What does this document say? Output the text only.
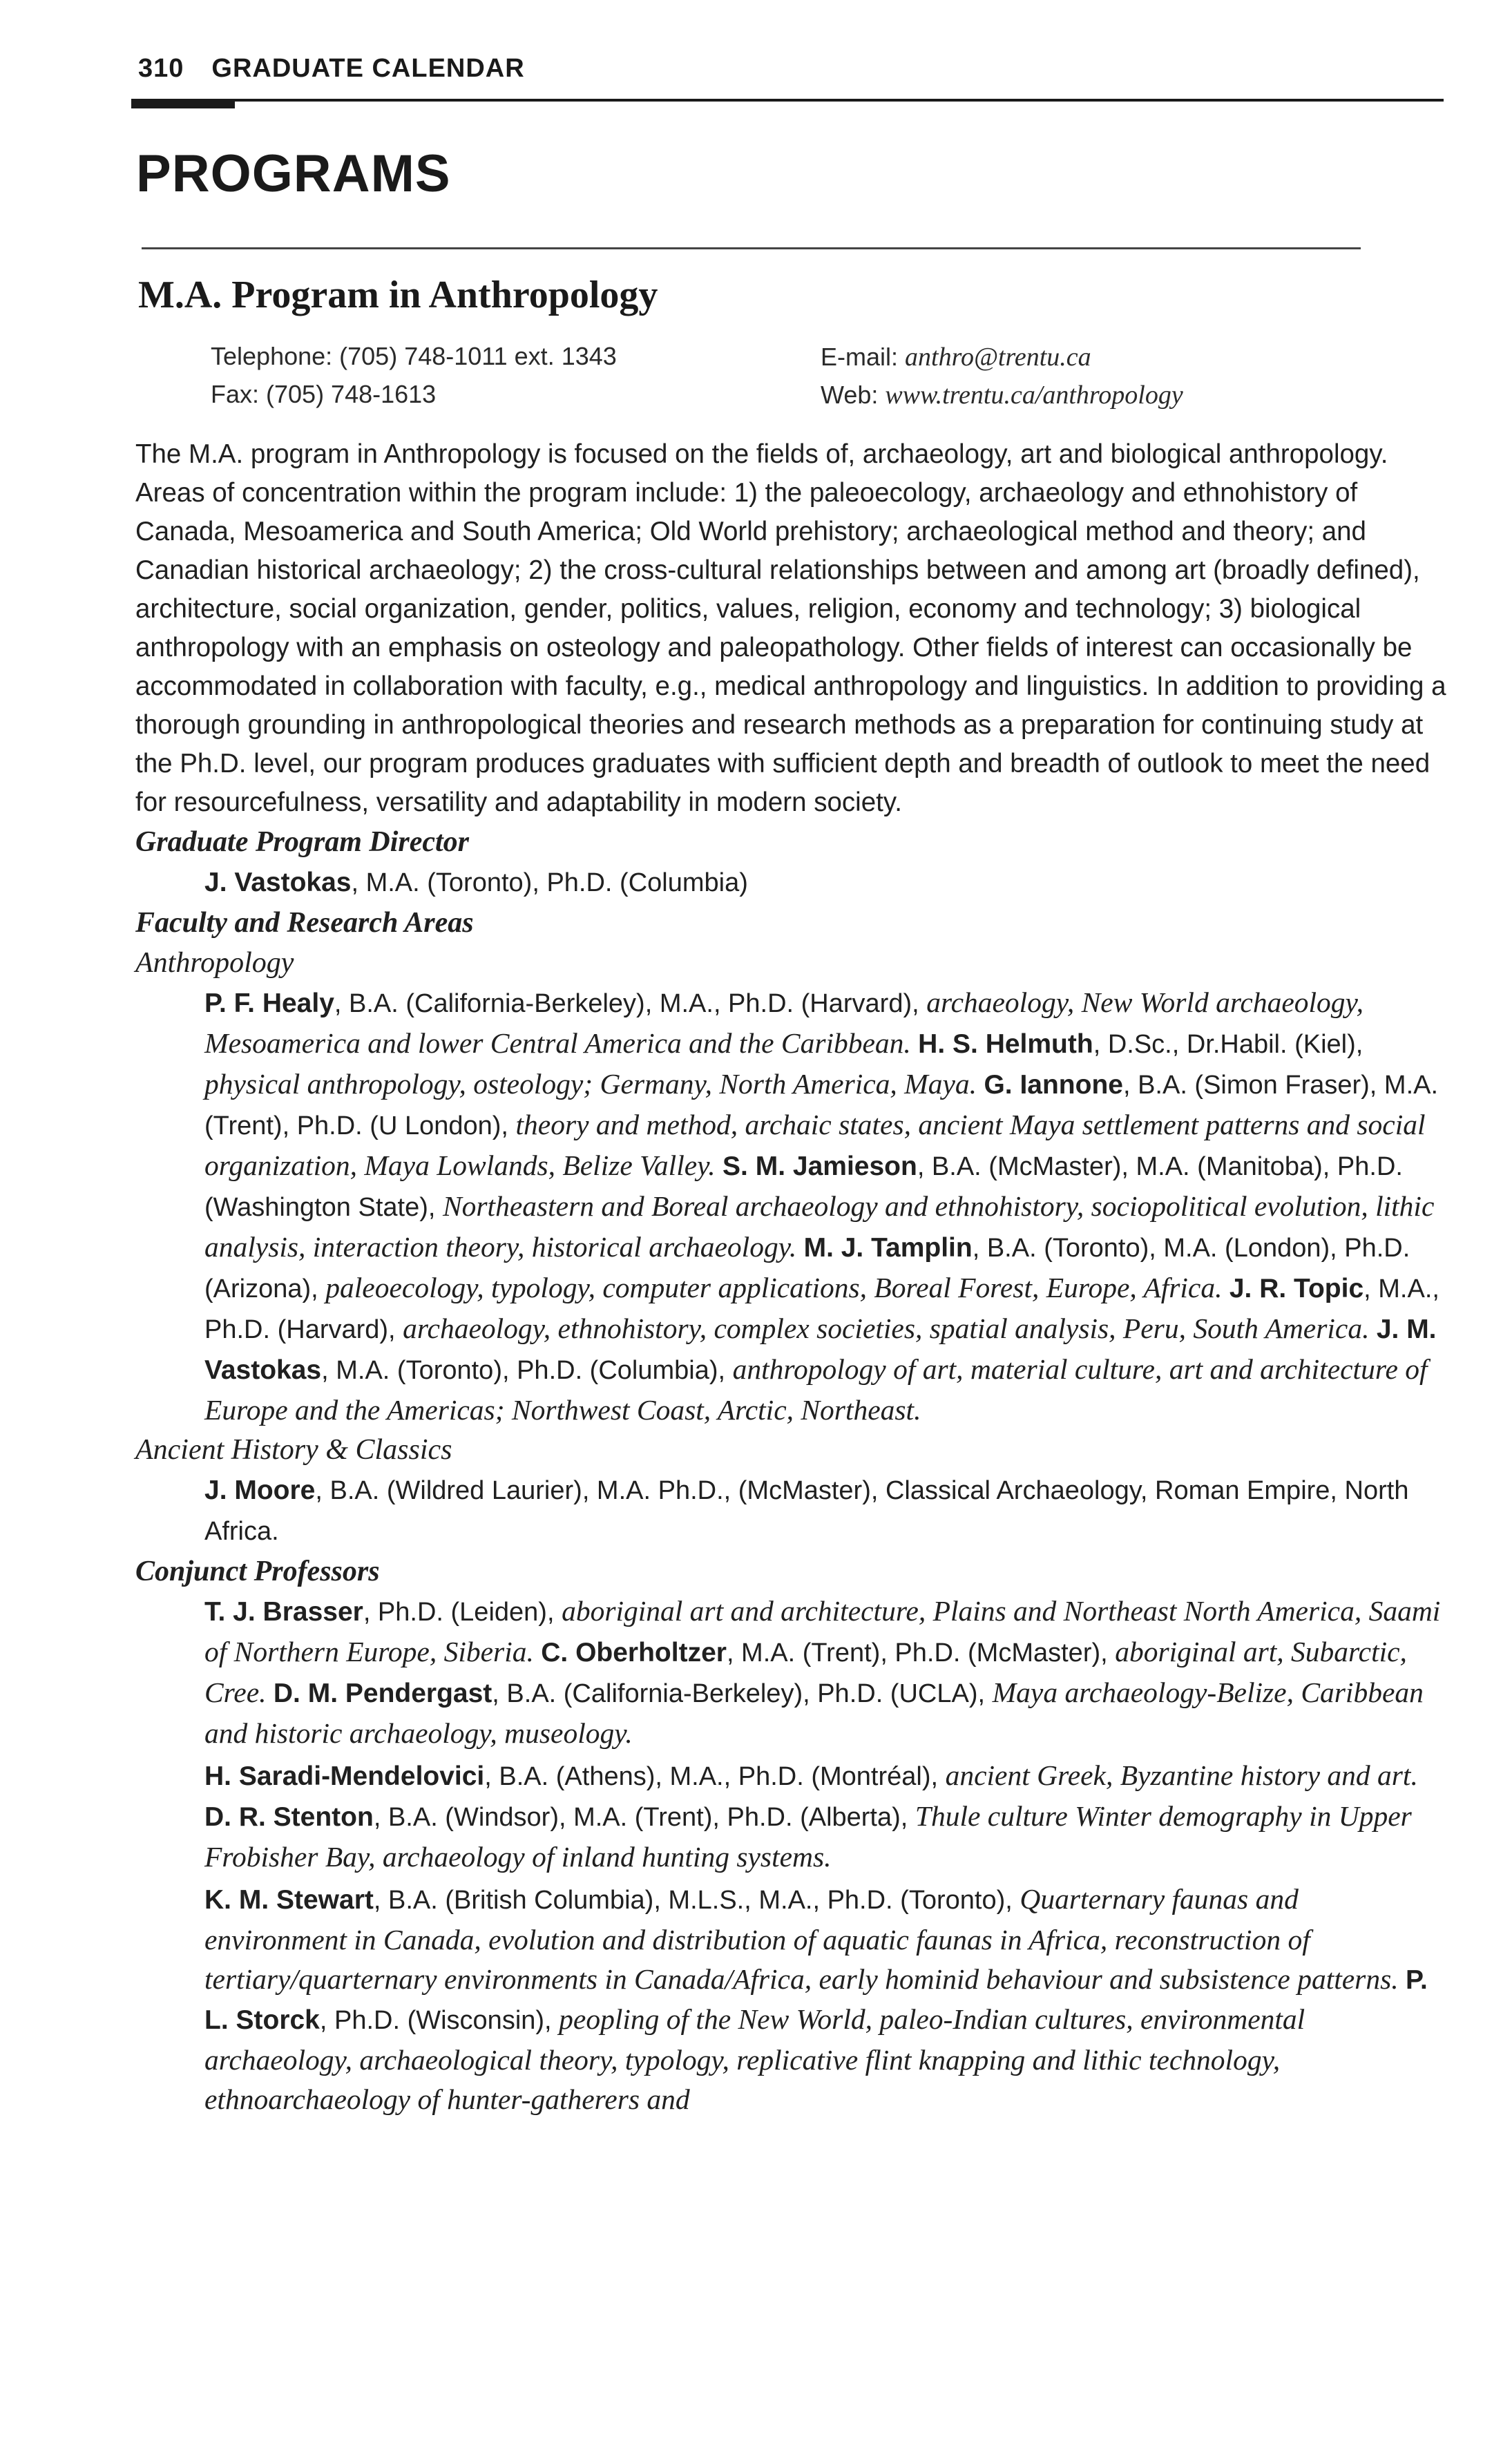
310 GRADUATE CALENDAR
PROGRAMS
M.A. Program in Anthropology
Telephone: (705) 748-1011 ext. 1343
Fax: (705) 748-1613
E-mail: anthro@trentu.ca
Web: www.trentu.ca/anthropology

The M.A. program in Anthropology is focused on the fields of, archaeology, art and biological anthropology. Areas of concentration within the program include: 1) the paleoecology, archaeology and ethnohistory of Canada, Mesoamerica and South America; Old World prehistory; archaeological method and theory; and Canadian historical archaeology; 2) the cross-cultural relationships between and among art (broadly defined), architecture, social organization, gender, politics, values, religion, economy and technology; 3) biological anthropology with an emphasis on osteology and paleopathology. Other fields of interest can occasionally be accommodated in collaboration with faculty, e.g., medical anthropology and linguistics. In addition to providing a thorough grounding in anthropological theories and research methods as a preparation for continuing study at the Ph.D. level, our program produces graduates with sufficient depth and breadth of outlook to meet the need for resourcefulness, versatility and adaptability in modern society.

Graduate Program Director

J. Vastokas, M.A. (Toronto), Ph.D. (Columbia)

Faculty and Research Areas

Anthropology

P. F. Healy, B.A. (California-Berkeley), M.A., Ph.D. (Harvard), archaeology, New World archaeology, Mesoamerica and lower Central America and the Caribbean. H. S. Helmuth, D.Sc., Dr.Habil. (Kiel), physical anthropology, osteology; Germany, North America, Maya. G. Iannone, B.A. (Simon Fraser), M.A. (Trent), Ph.D. (U London), theory and method, archaic states, ancient Maya settlement patterns and social organization, Maya Lowlands, Belize Valley. S. M. Jamieson, B.A. (McMaster), M.A. (Manitoba), Ph.D. (Washington State), Northeastern and Boreal archaeology and ethnohistory, sociopolitical evolution, lithic analysis, interaction theory, historical archaeology. M. J. Tamplin, B.A. (Toronto), M.A. (London), Ph.D. (Arizona), paleoecology, typology, computer applications, Boreal Forest, Europe, Africa. J. R. Topic, M.A., Ph.D. (Harvard), archaeology, ethnohistory, complex societies, spatial analysis, Peru, South America. J. M. Vastokas, M.A. (Toronto), Ph.D. (Columbia), anthropology of art, material culture, art and architecture of Europe and the Americas; Northwest Coast, Arctic, Northeast.

Ancient History & Classics

J. Moore, B.A. (Wildred Laurier), M.A. Ph.D., (McMaster), Classical Archaeology, Roman Empire, North Africa.

Conjunct Professors

T. J. Brasser, Ph.D. (Leiden), aboriginal art and architecture, Plains and Northeast North America, Saami of Northern Europe, Siberia. C. Oberholtzer, M.A. (Trent), Ph.D. (McMaster), aboriginal art, Subarctic, Cree. D. M. Pendergast, B.A. (California-Berkeley), Ph.D. (UCLA), Maya archaeology-Belize, Caribbean and historic archaeology, museology.

H. Saradi-Mendelovici, B.A. (Athens), M.A., Ph.D. (Montréal), ancient Greek, Byzantine history and art. D. R. Stenton, B.A. (Windsor), M.A. (Trent), Ph.D. (Alberta), Thule culture Winter demography in Upper Frobisher Bay, archaeology of inland hunting systems.

K. M. Stewart, B.A. (British Columbia), M.L.S., M.A., Ph.D. (Toronto), Quarternary faunas and environment in Canada, evolution and distribution of aquatic faunas in Africa, reconstruction of tertiary/quarternary environments in Canada/Africa, early hominid behaviour and subsistence patterns. P. L. Storck, Ph.D. (Wisconsin), peopling of the New World, paleo-Indian cultures, environmental archaeology, archaeological theory, typology, replicative flint knapping and lithic technology, ethnoarchaeology of hunter-gatherers and
